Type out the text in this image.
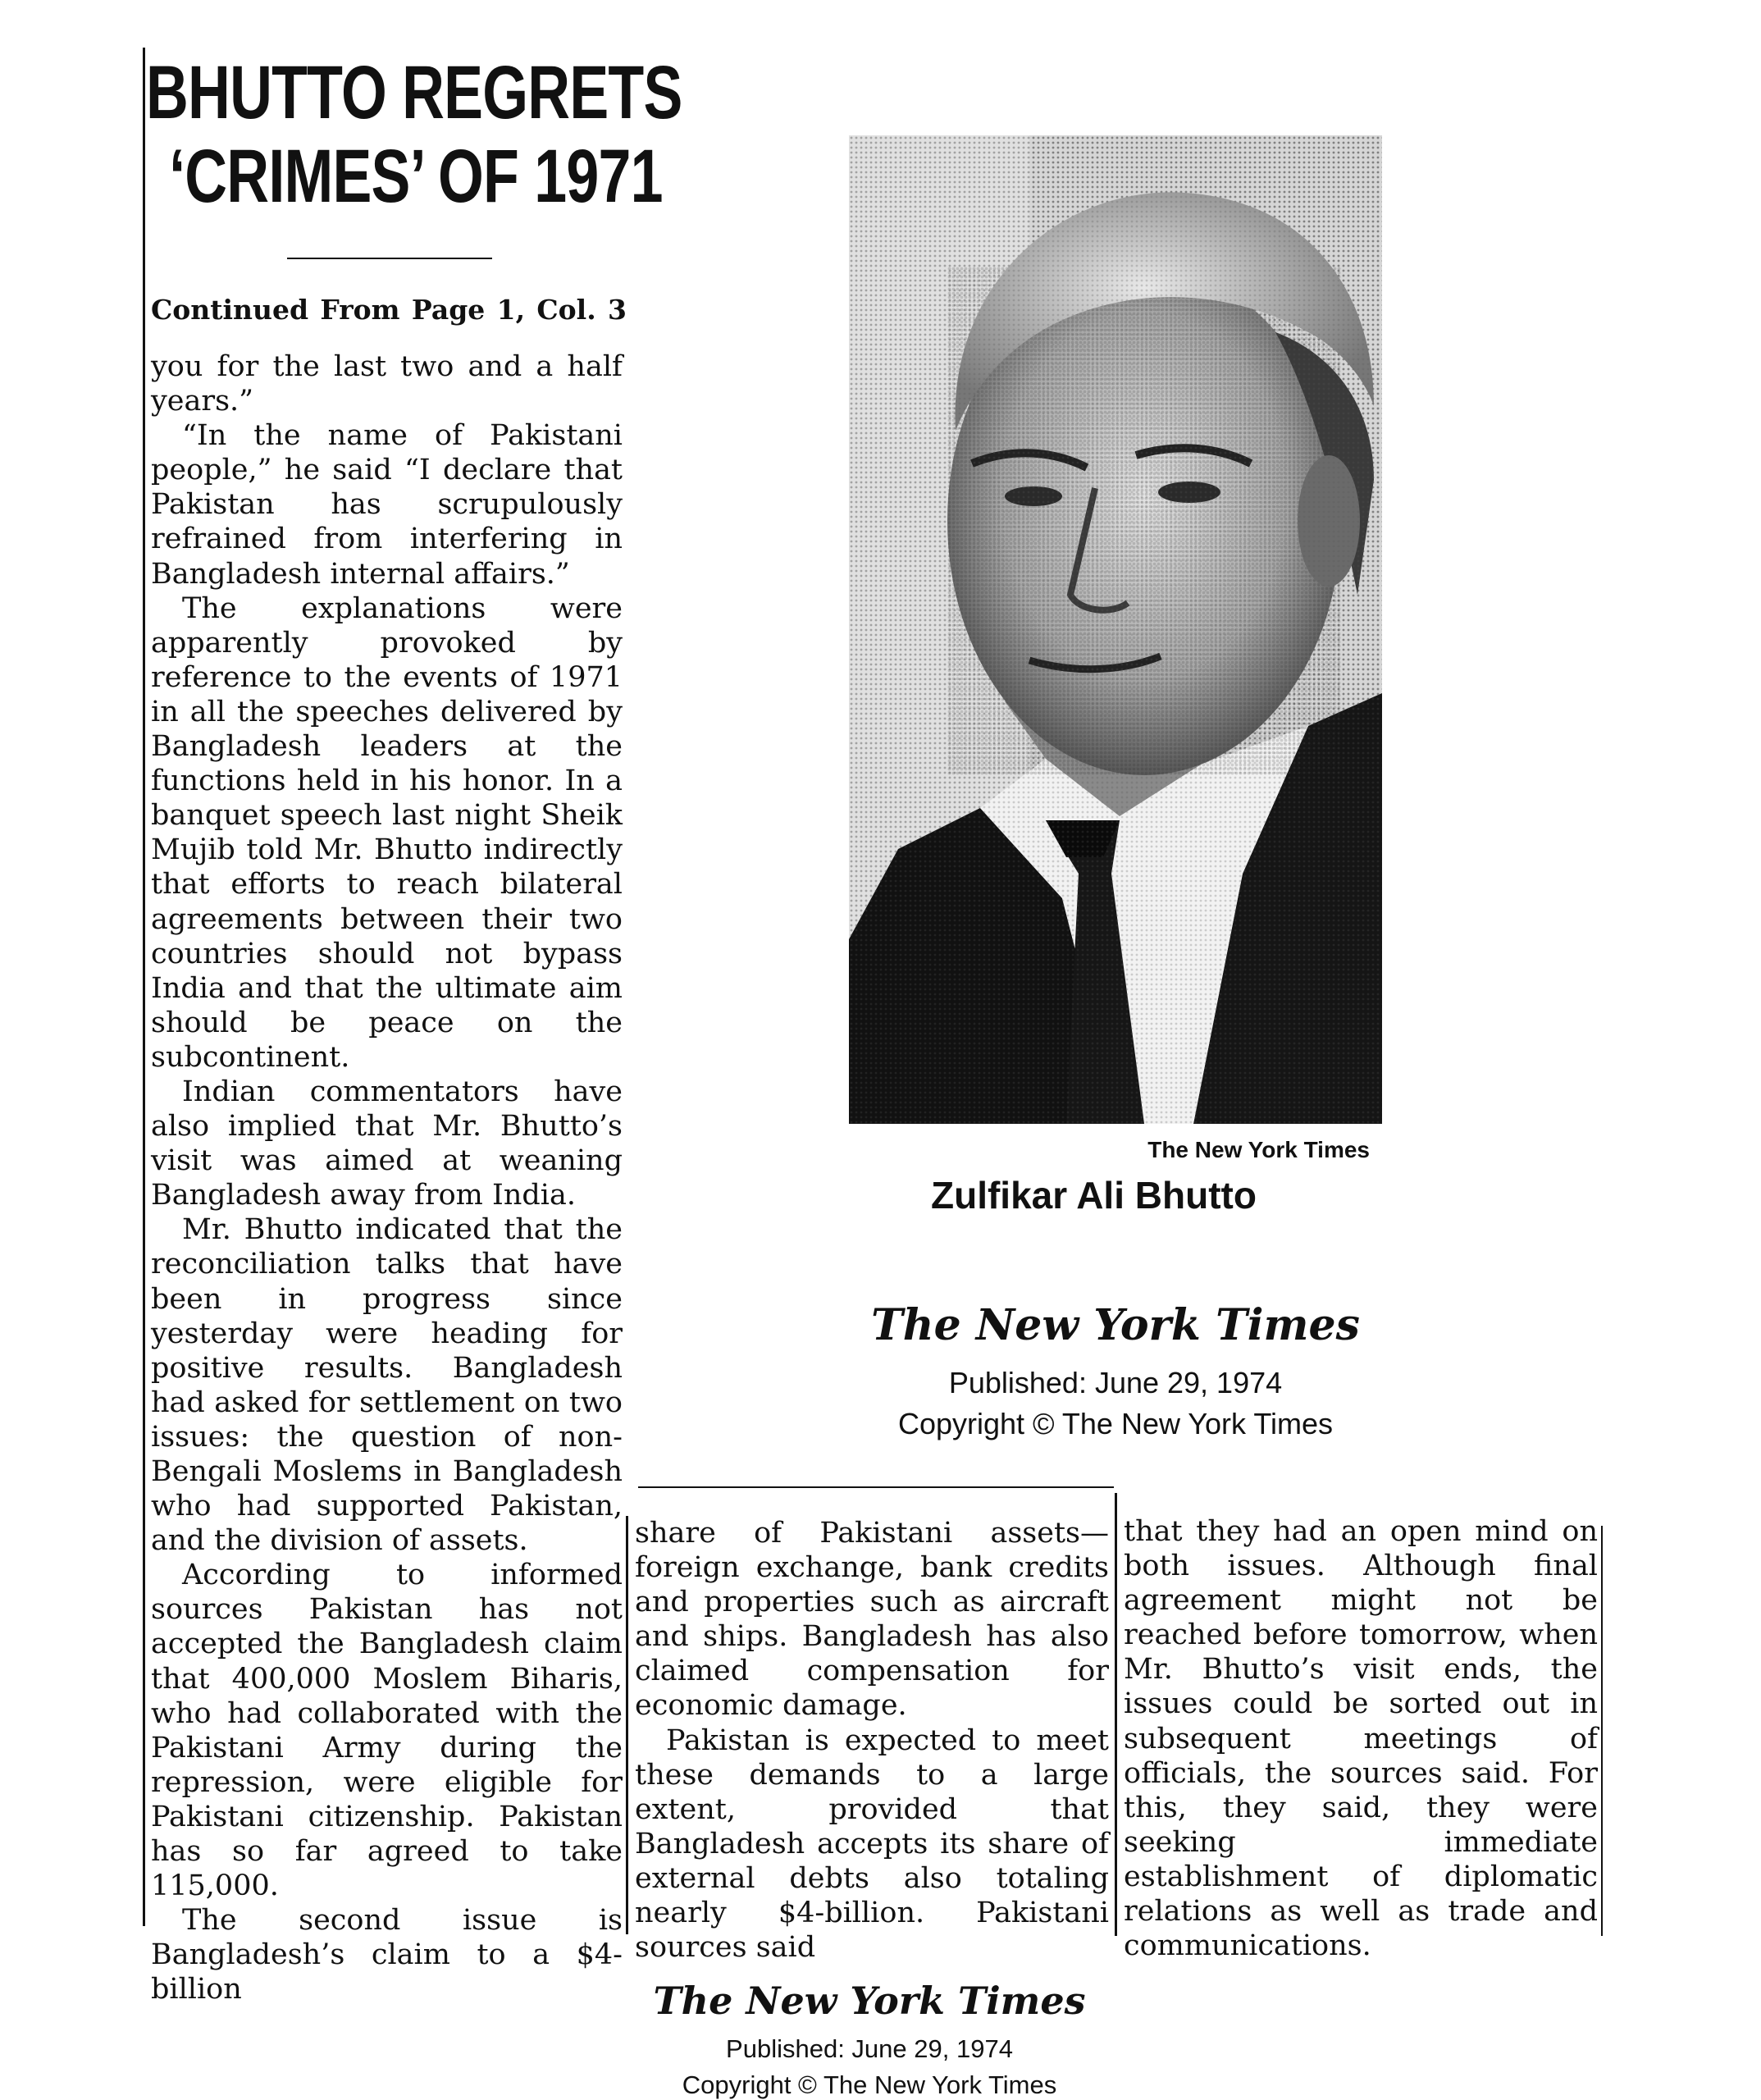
BHUTTO REGRETS
‘CRIMES’ OF 1971
Continued From Page 1, Col. 3

you for the last two and a half years.”

“In the name of Pakistani people,” he said “I declare that Pakistan has scrupulously refrained from interfering in Bangladesh internal affairs.”

The explanations were apparently provoked by reference to the events of 1971 in all the speeches delivered by Bangladesh leaders at the functions held in his honor. In a banquet speech last night Sheik Mujib told Mr. Bhutto indirectly that efforts to reach bilateral agreements between their two countries should not bypass India and that the ultimate aim should be peace on the subcontinent.

Indian commentators have also implied that Mr. Bhutto’s visit was aimed at weaning Bangladesh away from India.

Mr. Bhutto indicated that the reconciliation talks that have been in progress since yesterday were heading for positive results. Bangladesh had asked for settlement on two issues: the question of non-Bengali Moslems in Bangladesh who had supported Pakistan, and the division of assets.

According to informed sources Pakistan has not accepted the Bangladesh claim that 400,000 Moslem Biharis, who had collaborated with the Pakistani Army during the repression, were eligible for Pakistani citizenship. Pakistan has so far agreed to take 115,000.

The second issue is Bangladesh’s claim to a $4-billion

The New York Times
Zulfikar Ali Bhutto
The New York Times
Published: June 29, 1974
Copyright © The New York Times

share of Pakistani assets—foreign exchange, bank credits and properties such as aircraft and ships. Bangladesh has also claimed compensation for economic damage.

Pakistan is expected to meet these demands to a large extent, provided that Bangladesh accepts its share of external debts also totaling nearly $4-billion. Pakistani sources said

that they had an open mind on both issues. Although final agreement might not be reached before tomorrow, when Mr. Bhutto’s visit ends, the issues could be sorted out in subsequent meetings of officials, the sources said. For this, they said, they were seeking immediate establishment of diplomatic relations as well as trade and communications.

The New York Times
Published: June 29, 1974
Copyright © The New York Times
